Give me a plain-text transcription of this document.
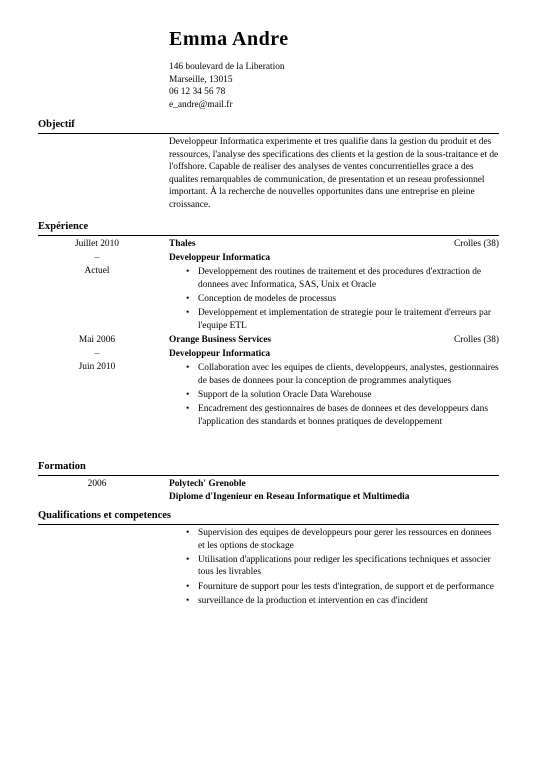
Emma Andre
146 boulevard de la Liberation
Marseille, 13015
06 12 34 56 78
e_andre@mail.fr
Objectif
Developpeur Informatica experimente et tres qualifie dans la gestion du produit et des ressources, l'analyse des specifications des clients et la gestion de la sous-traitance et de l'offshore. Capable de realiser des analyses de ventes concurrentielles grace a des qualites remarquables de communication, de presentation et un reseau professionnel important. À la recherche de nouvelles opportunites dans une entreprise en pleine croissance.
Expérience
Juillet 2010
–
Actuel
Thales	Crolles (38)
Developpeur Informatica
• Developpement des routines de traitement et des procedures d'extraction de donnees avec Informatica, SAS, Unix et Oracle
• Conception de modeles de processus
• Developpement et implementation de strategie pour le traitement d'erreurs par l'equipe ETL
Mai 2006
–
Juin 2010
Orange Business Services	Crolles (38)
Developpeur Informatica
• Collaboration avec les equipes de clients, developpeurs, analystes, gestionnaires de bases de donnees pour la conception de programmes analytiques
• Support de la solution Oracle Data Warehouse
• Encadrement des gestionnaires de bases de donnees et des developpeurs dans l'application des standards et bonnes pratiques de developpement
Formation
2006	Polytech' Grenoble
Diplome d'Ingenieur en Reseau Informatique et Multimedia
Qualifications et competences
• Supervision des equipes de developpeurs pour gerer les ressources en donnees et les options de stockage
• Utilisation d'applications pour rediger les specifications techniques et associer tous les livrables
• Fourniture de support pour les tests d'integration, de support et de performance
• surveillance de la production et intervention en cas d'incident
